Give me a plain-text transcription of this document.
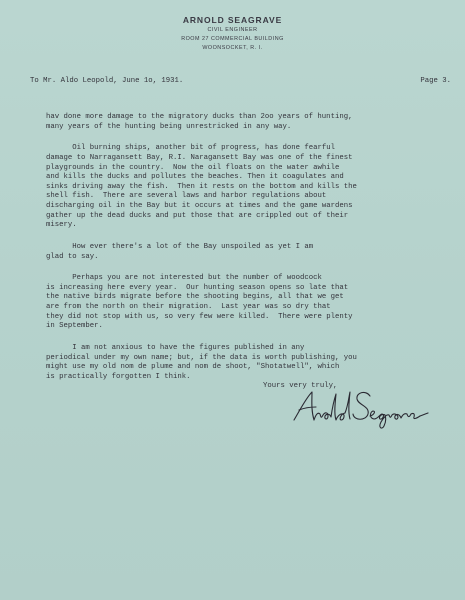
ARNOLD SEAGRAVE
CIVIL ENGINEER
ROOM 27 COMMERCIAL BUILDING
WOONSOCKET, R. I.
To Mr. Aldo Leopold, June 1o, 1931.	Page 3.
haⅴ done more damage to the migratory ducks than 2oo years of hunting,
many years of the hunting being unrestricked in any way.
Oil burning ships, another bit of progress, has done fearful
damage to Narragansett Bay, R.I. Naragansett Bay was one of the finest
playgrounds in the country.  Now the oil floats on the water awhile
and kills the ducks and pollutes the beaches. Then it coagulates and
sinks driving away the fish.  Then it rests on the bottom and kills the
shell fish.  There are several laws and harbor regulations about
discharging oil in the Bay but it occurs at times and the game wardens
gather up the dead ducks and put those that are crippled out of their
misery.
How ever there's a lot of the Bay unspoiled as yet I am
glad to say.
Perhaps you are not interested but the number of woodcock
is increasing here every year.  Our hunting season opens so late that
the native birds migrate before the shooting begins, all that we get
are from the north on their migration.  Last year was so dry that
they did not stop with us, so very few were killed.  There were plenty
in September.
I am not anxious to have the figures published in any
periodical under my own name; but, if the data is worth publishing, you
might use my old nom de plume and nom de shoot, "Shotatwell", which
is practically forgotten I think.
Yours very truly,
